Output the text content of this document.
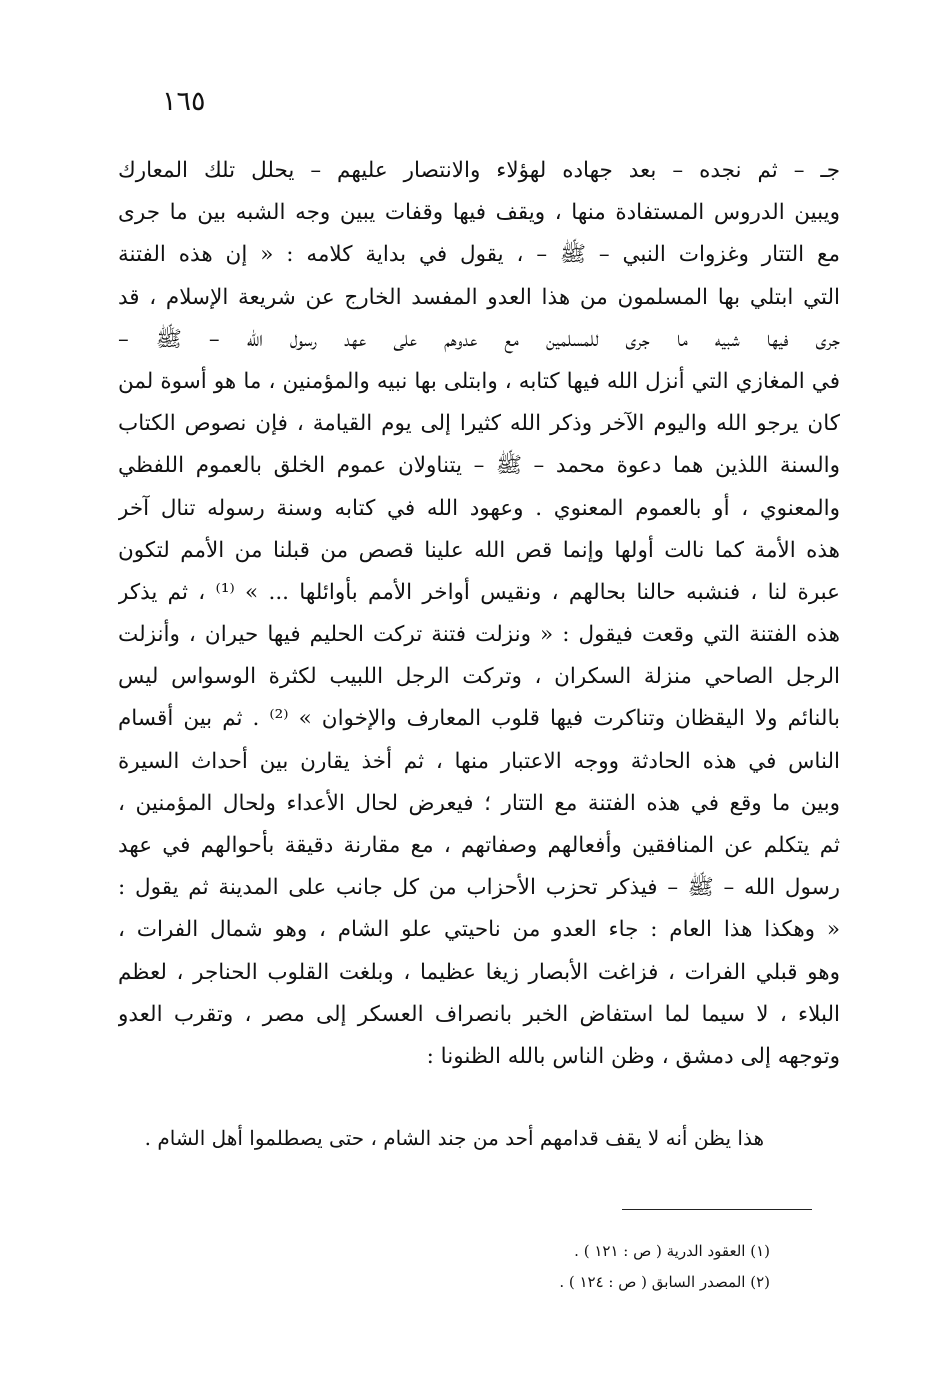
١٦٥
جـ – ثم نجده – بعد جهاده لهؤلاء والانتصار عليهم – يحلل تلك المعارك
ويبين الدروس المستفادة منها ، ويقف فيها وقفات يبين وجه الشبه بين ما جرى
مع التتار وغزوات النبي – ﷺ – ، يقول في بداية كلامه : « إن هذه الفتنة
التي ابتلي بها المسلمون من هذا العدو المفسد الخارج عن شريعة الإسلام ، قد
جرى فيها شبيه ما جرى للمسلمين مع عدوهم على عهد رسول الله – ﷺ –
في المغازي التي أنزل الله فيها كتابه ، وابتلى بها نبيه والمؤمنين ، ما هو أسوة لمن
كان يرجو الله واليوم الآخر وذكر الله كثيرا إلى يوم القيامة ، فإن نصوص الكتاب
والسنة اللذين هما دعوة محمد – ﷺ – يتناولان عموم الخلق بالعموم اللفظي
والمعنوي ، أو بالعموم المعنوي . وعهود الله في كتابه وسنة رسوله تنال آخر
هذه الأمة كما نالت أولها وإنما قص الله علينا قصص من قبلنا من الأمم لتكون
عبرة لنا ، فنشبه حالنا بحالهم ، ونقيس أواخر الأمم بأوائلها ... » ⁽¹⁾ ، ثم يذكر
هذه الفتنة التي وقعت فيقول : « ونزلت فتنة تركت الحليم فيها حيران ، وأنزلت
الرجل الصاحي منزلة السكران ، وتركت الرجل اللبيب لكثرة الوسواس ليس
بالنائم ولا اليقظان وتناكرت فيها قلوب المعارف والإخوان » ⁽²⁾ . ثم بين أقسام
الناس في هذه الحادثة ووجه الاعتبار منها ، ثم أخذ يقارن بين أحداث السيرة
وبين ما وقع في هذه الفتنة مع التتار ؛ فيعرض لحال الأعداء ولحال المؤمنين ،
ثم يتكلم عن المنافقين وأفعالهم وصفاتهم ، مع مقارنة دقيقة بأحوالهم في عهد
رسول الله – ﷺ – فيذكر تحزب الأحزاب من كل جانب على المدينة ثم يقول :
« وهكذا هذا العام : جاء العدو من ناحيتي علو الشام ، وهو شمال الفرات ،
وهو قبلي الفرات ، فزاغت الأبصار زيغا عظيما ، وبلغت القلوب الحناجر ، لعظم
البلاء ، لا سيما لما استفاض الخبر بانصراف العسكر إلى مصر ، وتقرب العدو
وتوجهه إلى دمشق ، وظن الناس بالله الظنونا :
هذا يظن أنه لا يقف قدامهم أحد من جند الشام ، حتى يصطلموا أهل الشام .
(١) العقود الدرية ( ص : ١٢١ ) .
(٢) المصدر السابق ( ص : ١٢٤ ) .
